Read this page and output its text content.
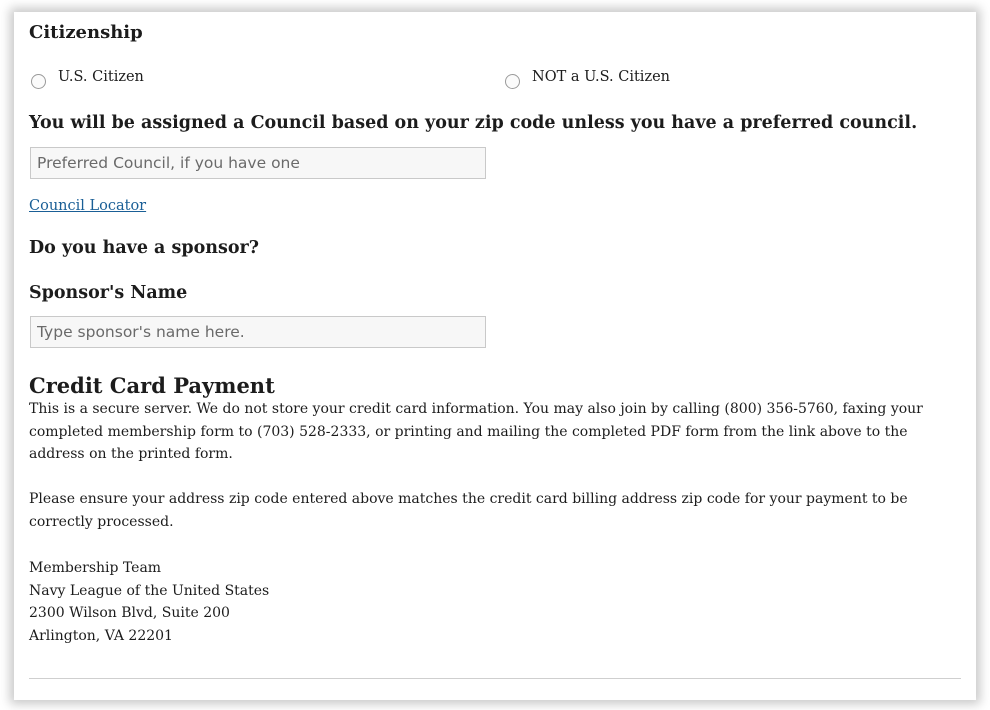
Citizenship
U.S. Citizen	NOT a U.S. Citizen
You will be assigned a Council based on your zip code unless you have a preferred council.
Preferred Council, if you have one
Council Locator
Do you have a sponsor?
Sponsor's Name
Type sponsor's name here.
Credit Card Payment
This is a secure server. We do not store your credit card information. You may also join by calling (800) 356-5760, faxing your completed membership form to (703) 528-2333, or printing and mailing the completed PDF form from the link above to the address on the printed form.
Please ensure your address zip code entered above matches the credit card billing address zip code for your payment to be correctly processed.
Membership Team
Navy League of the United States
2300 Wilson Blvd, Suite 200
Arlington, VA 22201
